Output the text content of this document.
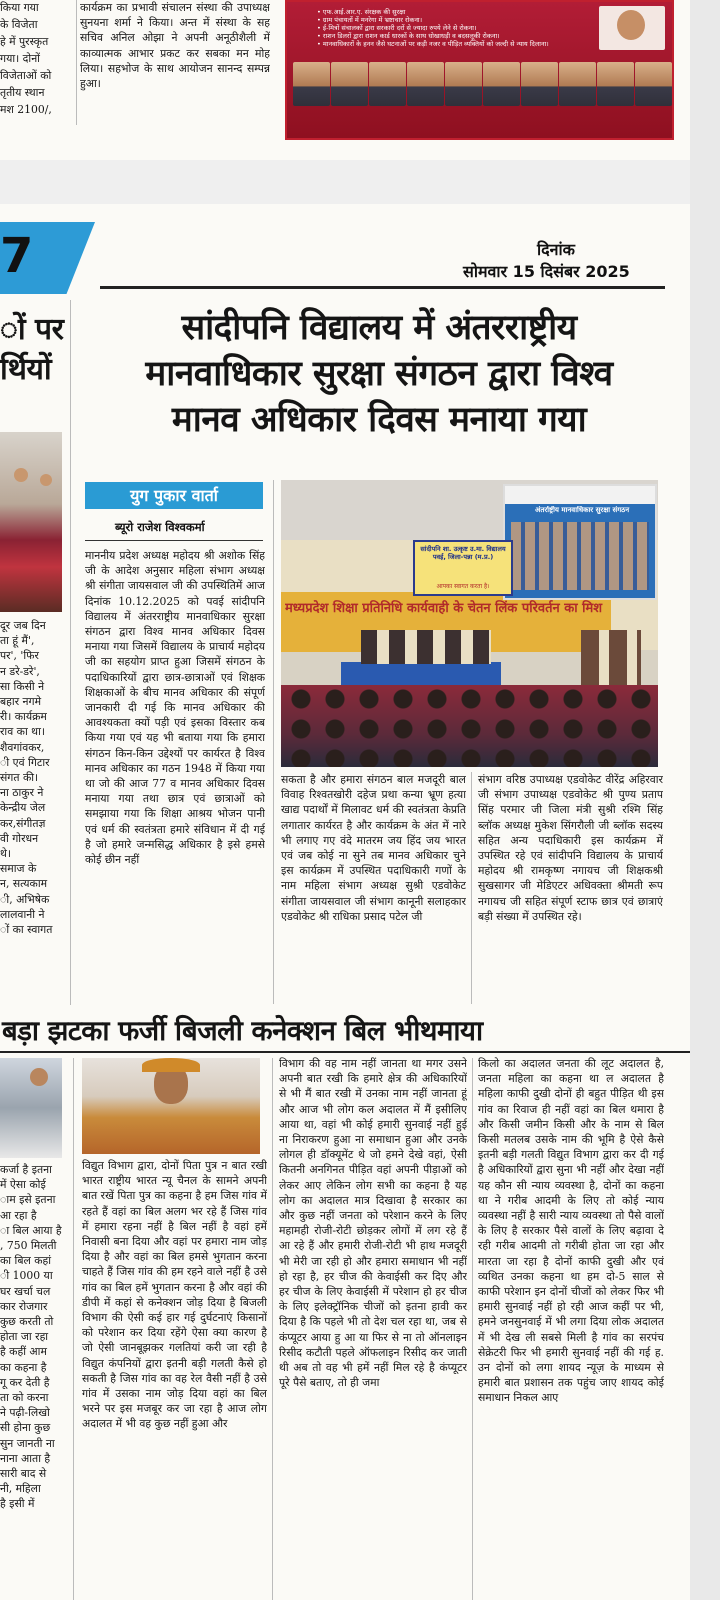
किया गया
के विजेता
हे में पुरस्कृत
गया। दोनों
विजेताओं को
तृतीय स्थान
मश 2100/,
कार्यक्रम का प्रभावी संचालन संस्था की उपाध्यक्ष सुनयना शर्मा ने किया। अन्त में संस्था के सह सचिव अनिल ओझा ने अपनी अनूठीशैली में काव्यात्मक आभार प्रकट कर सबका मन मोह लिया। सहभोज के साथ आयोजन सानन्द सम्पन्न हुआ।
• एफ.आई.आर.ए. संरक्षक की सुरक्षा
• ग्राम पंचायतों में मनरेगा में भ्रष्टाचार रोकना।
• ई-मित्रों संचालकों द्वारा सरकारी दरों से ज्यादा रुपये लेने से रोकना।
• राशन डिलरों द्वारा राशन कार्ड धारकों के साथ धोखाधड़ी व बदसलूकी रोकना।
• मानवाधिकारों के हनन जैसे घटनाओं पर कड़ी नजर व पीड़ित व्यक्तियों को जल्दी से न्याय दिलाना।
7	दिनांक
सोमवार 15 दिसंबर 2025
ों पर
र्थियों
दूर जब दिन
ता हूं मैं',
पर', 'फिर
न डरे-डरे',
सा किसी ने
बहार नगमे
री। कार्यक्रम
राव का था।
शैवगांवकर,
ी एवं गिटार
संगत की।
ना ठाकुर ने
केन्द्रीय जेल
कर,संगीतज्ञ
वी गोरधन
थे।
समाज के
न, सत्यकाम
ी, अभिषेक
लालवानी ने
ों का स्वागत
सांदीपनि विद्यालय में अंतरराष्ट्रीय
मानवाधिकार सुरक्षा संगठन द्वारा विश्व
मानव अधिकार दिवस मनाया गया
युग पुकार वार्ता
ब्यूरो राजेश विश्वकर्मा
माननीय प्रदेश अध्यक्ष महोदय श्री अशोक सिंह जी के आदेश अनुसार महिला संभाग अध्यक्ष श्री संगीता जायसवाल जी की उपस्थितिमें आज दिनांक 10.12.2025 को पवई सांदीपनि विद्यालय में अंतरराष्ट्रीय मानवाधिकार सुरक्षा संगठन द्वारा विश्व मानव अधिकार दिवस मनाया गया जिसमें विद्यालय के प्राचार्य महोदय जी का सहयोग प्राप्त हुआ जिसमें संगठन के पदाधिकारियों द्वारा छात्र-छात्राओं एवं शिक्षक शिक्षकाओं के बीच मानव अधिकार की संपूर्ण जानकारी दी गई कि मानव अधिकार की आवश्यकता क्यों पड़ी एवं इसका विस्तार कब किया गया एवं यह भी बताया गया कि हमारा संगठन किन-किन उद्देश्यों पर कार्यरत है विश्व मानव अधिकार का गठन 1948 में किया गया था जो की आज 77 व मानव अधिकार दिवस मनाया गया तथा छात्र एवं छात्राओं को समझाया गया कि शिक्षा आश्रय भोजन पानी एवं धर्म की स्वतंत्रता हमारे संविधान में दी गई है जो हमारे जन्मसिद्ध अधिकार है इसे हमसे कोई छीन नहीं
सकता है और हमारा संगठन बाल मजदूरी बाल विवाह रिश्वतखोरी दहेज प्रथा कन्या भ्रूण हत्या खाद्य पदार्थों में मिलावट धर्म की स्वतंत्रता केप्रति लगातार कार्यरत है और कार्यक्रम के अंत में नारे भी लगाए गए वंदे मातरम जय हिंद जय भारत एवं जब कोई ना सुने तब मानव अधिकार चुने इस कार्यक्रम में उपस्थित पदाधिकारी गणों के नाम महिला संभाग अध्यक्ष सुश्री एडवोकेट संगीता जायसवाल जी संभाग कानूनी सलाहकार एडवोकेट श्री राधिका प्रसाद पटेल जी
संभाग वरिष्ठ उपाध्यक्ष एडवोकेट वीरेंद्र अहिरवार जी संभाग उपाध्यक्ष एडवोकेट श्री पुण्य प्रताप सिंह परमार जी जिला मंत्री सुश्री रश्मि सिंह ब्लॉक अध्यक्ष मुकेश सिंगरौली जी ब्लॉक सदस्य सहित अन्य पदाधिकारी इस कार्यक्रम में उपस्थित रहे एवं सांदीपनि विद्यालय के प्राचार्य महोदय श्री रामकृष्ण नगायच जी शिक्षकश्री सुखसागर जी मेडिएटर अधिवक्ता श्रीमती रूप नगायच जी सहित संपूर्ण स्टाफ छात्र एवं छात्राएं बड़ी संख्या में उपस्थित रहे।
मध्यप्रदेश शिक्षा प्रतिनिधि कार्यवाही के चेतन लिंक परिवर्तन का मिश
अंतर्राष्ट्रीय मानवाधिकार सुरक्षा संगठन
सांदीपनि शा. उत्कृष्ट उ.मा. विद्यालय पवई, जिला-पन्ना (म.प्र.)
आपका स्वागत करता है।
बड़ा झटका फर्जी बिजली कनेक्शन बिल भीथमाया
कर्जा है इतना
में ऐसा कोई
ाम इसे इतना
आ रहा है
ा बिल आया है
, 750 मिलती
का बिल कहां
ी 1000 या
घर खर्चा चल
कार रोजगार
कुछ करती तो
होता जा रहा
है कहीं आम
का कहना है
गू कर देती है
ता को करना
ने पढ़ी-लिखो
सी होना कुछ
सुन जानती ना
नाना आता है
सारी बाद से
नी, महिला
है इसी में
विद्युत विभाग द्वारा, दोनों पिता पुत्र न बात रखी भारत राष्ट्रीय भारत न्यू चैनल के सामने अपनी बात रखें पिता पुत्र का कहना है हम जिस गांव में रहते हैं वहां का बिल अलग भर रहे हैं जिस गांव में हमारा रहना नहीं है बिल नहीं है वहां हमें निवासी बना दिया और वहां पर हमारा नाम जोड़ दिया है और वहां का बिल हमसे भुगतान करना चाहते हैं जिस गांव की हम रहने वाले नहीं है उसे गांव का बिल हमें भुगतान करना है और वहां की डीपी में कहां से कनेक्शन जोड़ दिया है बिजली विभाग की ऐसी कई हार गई दुर्घटनाएं किसानों को परेशान कर दिया रहेंगे ऐसा क्या कारण है जो ऐसी जानबूझकर गलतियां करी जा रही है विद्युत कंपनियों द्वारा इतनी बड़ी गलती कैसे हो सकती है जिस गांव का वह रेल वैसी नहीं है उसे गांव में उसका नाम जोड़ दिया वहां का बिल भरने पर इस मजबूर कर जा रहा है आज लोग अदालत में भी वह कुछ नहीं हुआ और
विभाग की वह नाम नहीं जानता था मगर उसने अपनी बात रखी कि हमारे क्षेत्र की अधिकारियों से भी मैं बात रखी में उनका नाम नहीं जानता हूं और आज भी लोग कल अदालत में मैं इसीलिए आया था, वहां भी कोई हमारी सुनवाई नहीं हुई ना निराकरण हुआ ना समाधान हुआ और उनके लोगल ही डॉक्यूमेंट थे जो हमने देखे वहां, ऐसी कितनी अनगिनत पीड़ित वहां अपनी पीड़ाओं को लेकर आए लेकिन लोग सभी का कहना है यह लोग का अदालत मात्र दिखावा है सरकार का और कुछ नहीं जनता को परेशान करने के लिए महामही रोजी-रोटी छोड़कर लोगों में लग रहे हैं आ रहे हैं और हमारी रोजी-रोटी भी हाथ मजदूरी भी मेरी जा रही हो और हमारा समाधान भी नहीं हो रहा है, हर चीज की केवाईसी कर दिए और हर चीज के लिए केवाईसी में परेशान हो हर चीज के लिए इलेक्ट्रॉनिक चीजों को इतना हावी कर दिया है कि पहले भी तो देश चल रहा था, जब से कंप्यूटर आया हु आ या फिर से ना तो ऑनलाइन रिसीद कटौती पहले ऑफलाइन रिसीद कर जाती थी अब तो वह भी हमें नहीं मिल रहे है कंप्यूटर पूरे पैसे बताए, तो ही जमा
किलो का अदालत जनता की लूट अदालत है, जनता महिला का कहना था ल अदालत है महिला काफी दुखी दोनों ही बहुत पीड़ित थी इस गांव का रिवाज ही नहीं वहां का बिल थमारा है और किसी जमीन किसी और के नाम से बिल किसी मतलब उसके नाम की भूमि है ऐसे कैसे इतनी बड़ी गलती विद्युत विभाग द्वारा कर दी गई है अधिकारियों द्वारा सुना भी नहीं और देखा नहीं यह कौन सी न्याय व्यवस्था है, दोनों का कहना था ने गरीब आदमी के लिए तो कोई न्याय व्यवस्था नहीं है सारी न्याय व्यवस्था तो पैसे वालों के लिए है सरकार पैसे वालों के लिए बढ़ावा दे रही गरीब आदमी तो गरीबी होता जा रहा और मारता जा रहा है दोनों काफी दुखी और एवं व्यथित उनका कहना था हम दो-5 साल से काफी परेशान इन दोनों चीजों को लेकर फिर भी हमारी सुनवाई नहीं हो रही आज कहीं पर भी, हमने जनसुनवाई में भी लगा दिया लोक अदालत में भी देख ली सबसे मिली है गांव का सरपंच सेक्रेटरी फिर भी हमारी सुनवाई नहीं की गई ह. उन दोनों को लगा शायद न्यूज़ के माध्यम से हमारी बात प्रशासन तक पहुंच जाए शायद कोई समाधान निकल आए
